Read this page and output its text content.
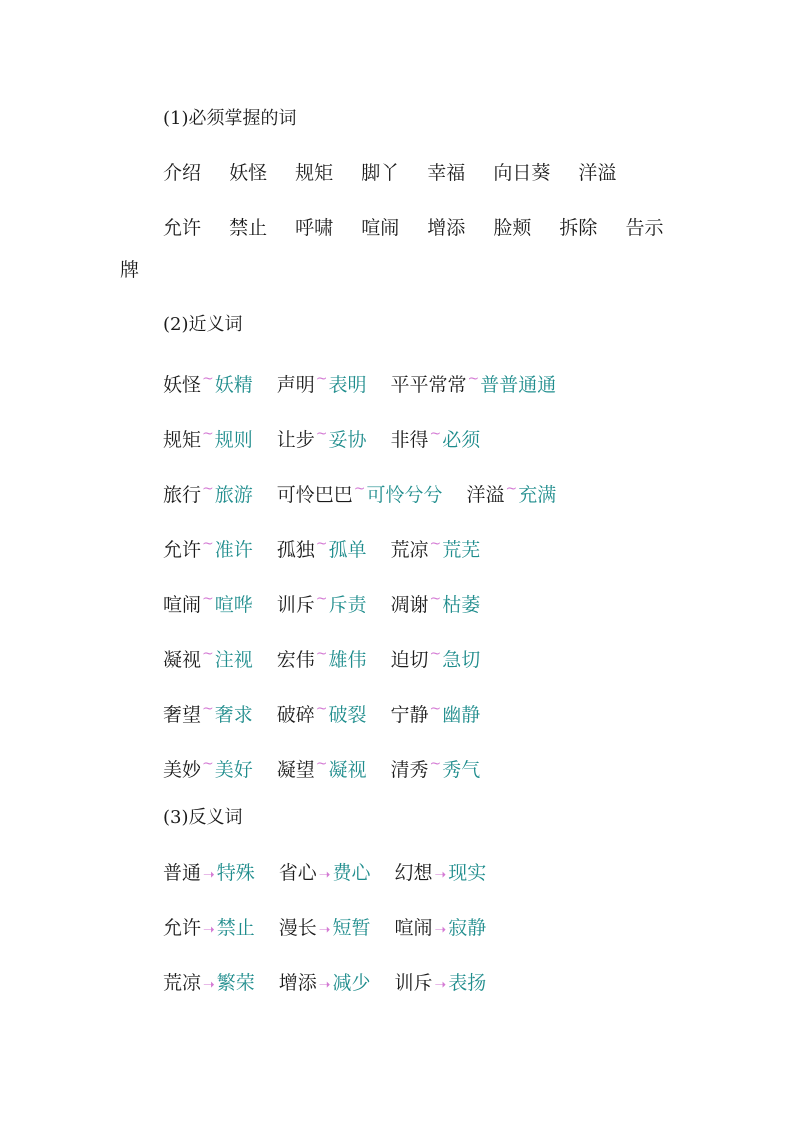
(1)必须掌握的词
介绍 妖怪 规矩 脚丫 幸福 向日葵 洋溢
允许 禁止 呼啸 喧闹 增添 脸颊 拆除 告示
牌
(2)近义词
妖怪~妖精 声明~表明 平平常常~普普通通
规矩~规则 让步~妥协 非得~必须
旅行~旅游 可怜巴巴~可怜兮兮 洋溢~充满
允许~准许 孤独~孤单 荒凉~荒芜
喧闹~喧哗 训斥~斥责 凋谢~枯萎
凝视~注视 宏伟~雄伟 迫切~急切
奢望~奢求 破碎~破裂 宁静~幽静
美妙~美好 凝望~凝视 清秀~秀气
(3)反义词
普通 ➝ 特殊 省心 ➝ 费心 幻想 ➝ 现实
允许 ➝ 禁止 漫长 ➝ 短暂 喧闹 ➝ 寂静
荒凉 ➝ 繁荣 增添 ➝ 减少 训斥 ➝ 表扬
